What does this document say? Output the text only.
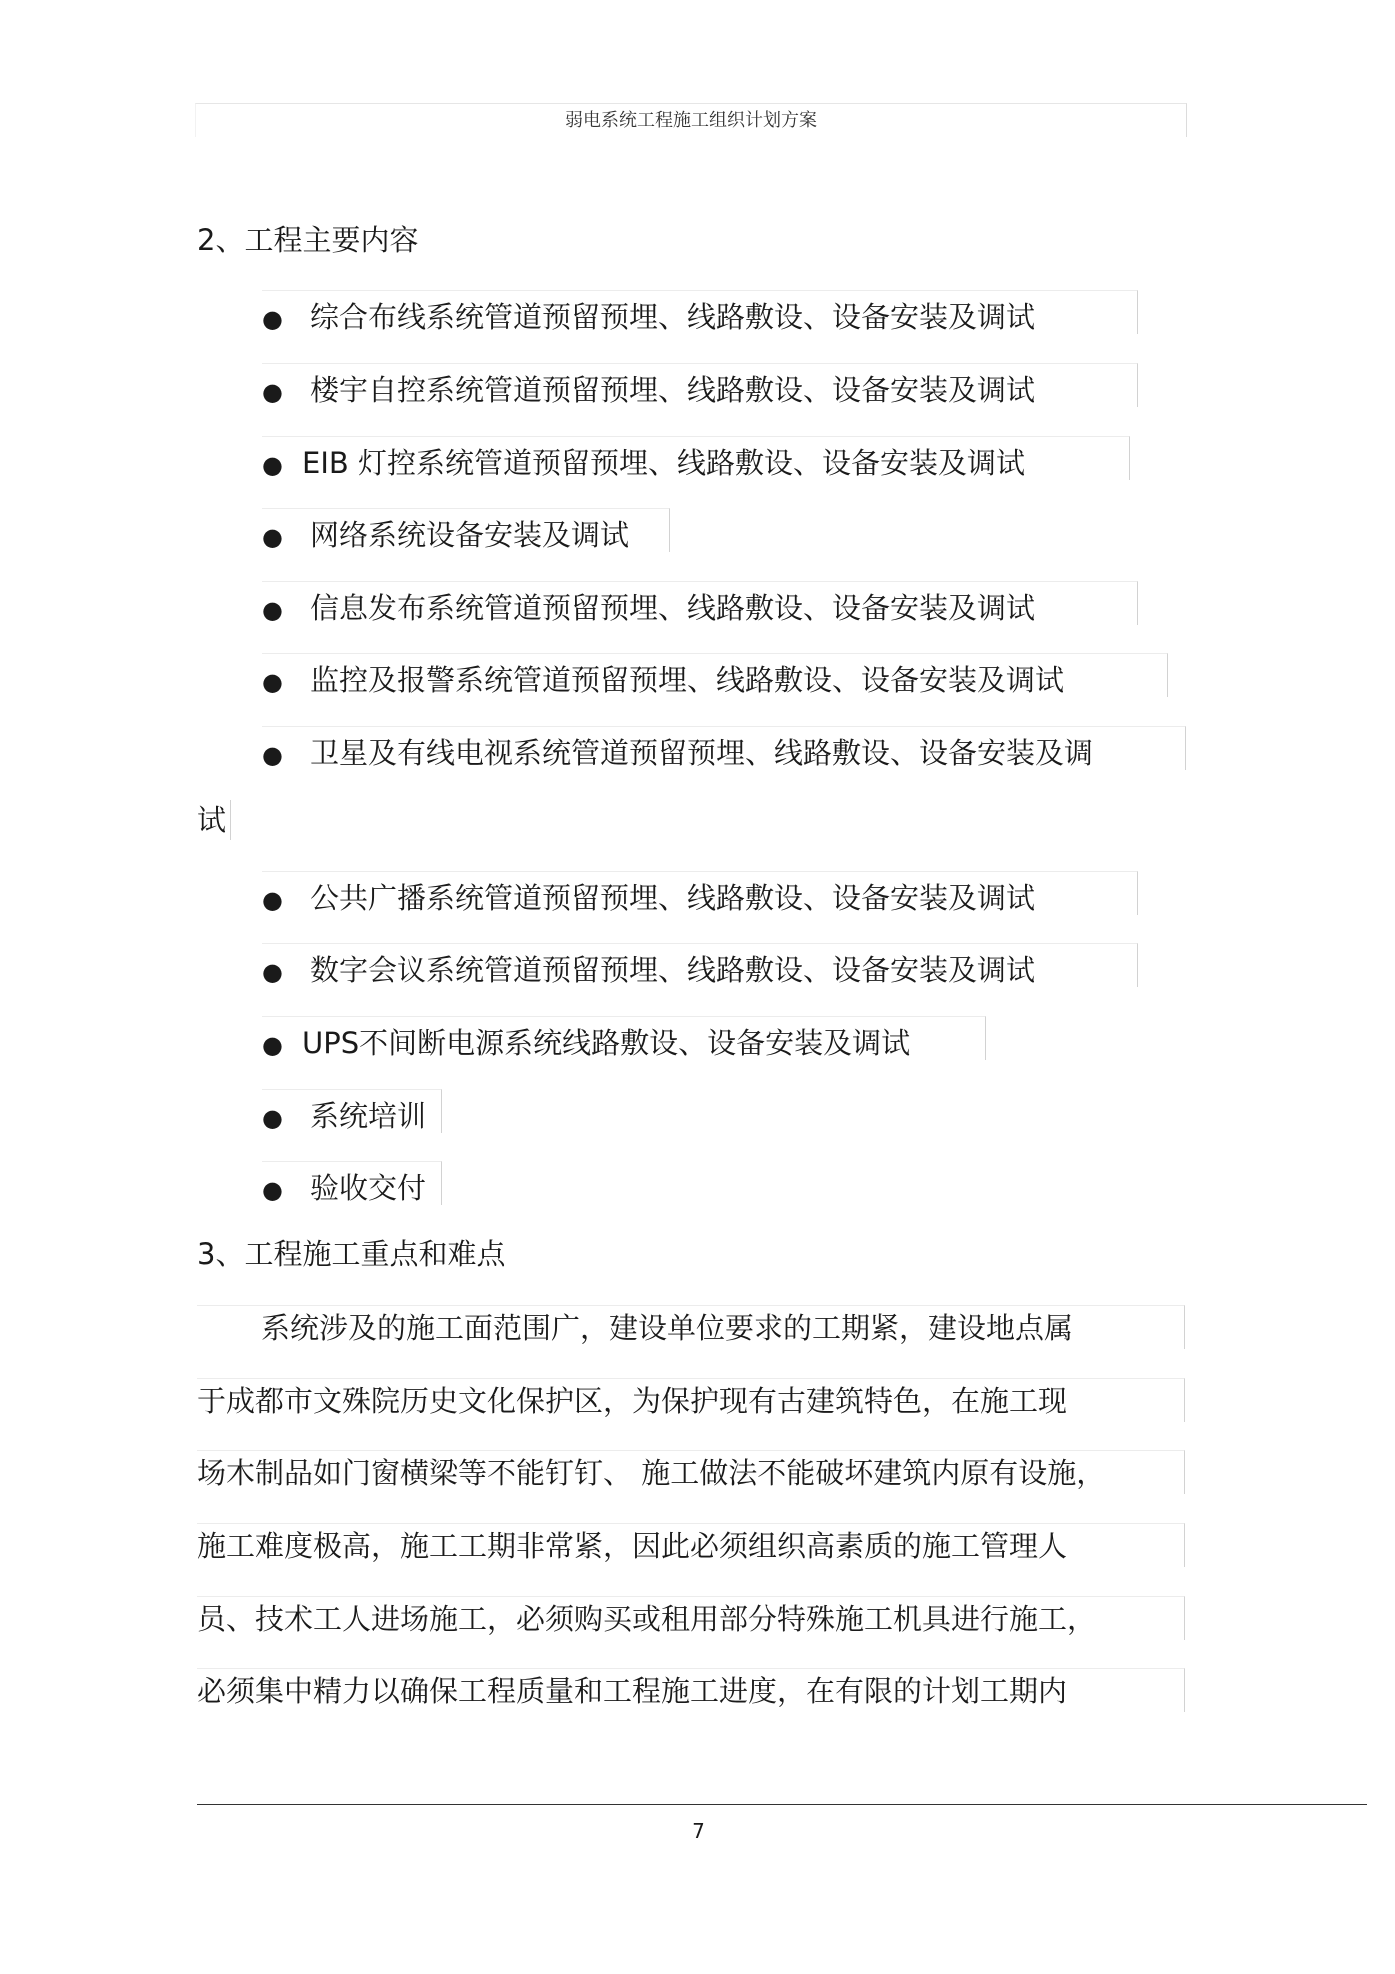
弱电系统工程施工组织计划方案
2、工程主要内容
● 综合布线系统管道预留预埋、线路敷设、设备安装及调试
● 楼宇自控系统管道预留预埋、线路敷设、设备安装及调试
● EIB 灯控系统管道预留预埋、线路敷设、设备安装及调试
● 网络系统设备安装及调试
● 信息发布系统管道预留预埋、线路敷设、设备安装及调试
● 监控及报警系统管道预留预埋、线路敷设、设备安装及调试
● 卫星及有线电视系统管道预留预埋、线路敷设、设备安装及调
试
● 公共广播系统管道预留预埋、线路敷设、设备安装及调试
● 数字会议系统管道预留预埋、线路敷设、设备安装及调试
● UPS不间断电源系统线路敷设、设备安装及调试
● 系统培训
● 验收交付
3、工程施工重点和难点
系统涉及的施工面范围广，建设单位要求的工期紧，建设地点属
于成都市文殊院历史文化保护区，为保护现有古建筑特色，在施工现
场木制品如门窗横梁等不能钉钉、 施工做法不能破坏建筑内原有设施，
施工难度极高，施工工期非常紧，因此必须组织高素质的施工管理人
员、技术工人进场施工，必须购买或租用部分特殊施工机具进行施工，
必须集中精力以确保工程质量和工程施工进度，在有限的计划工期内
7
